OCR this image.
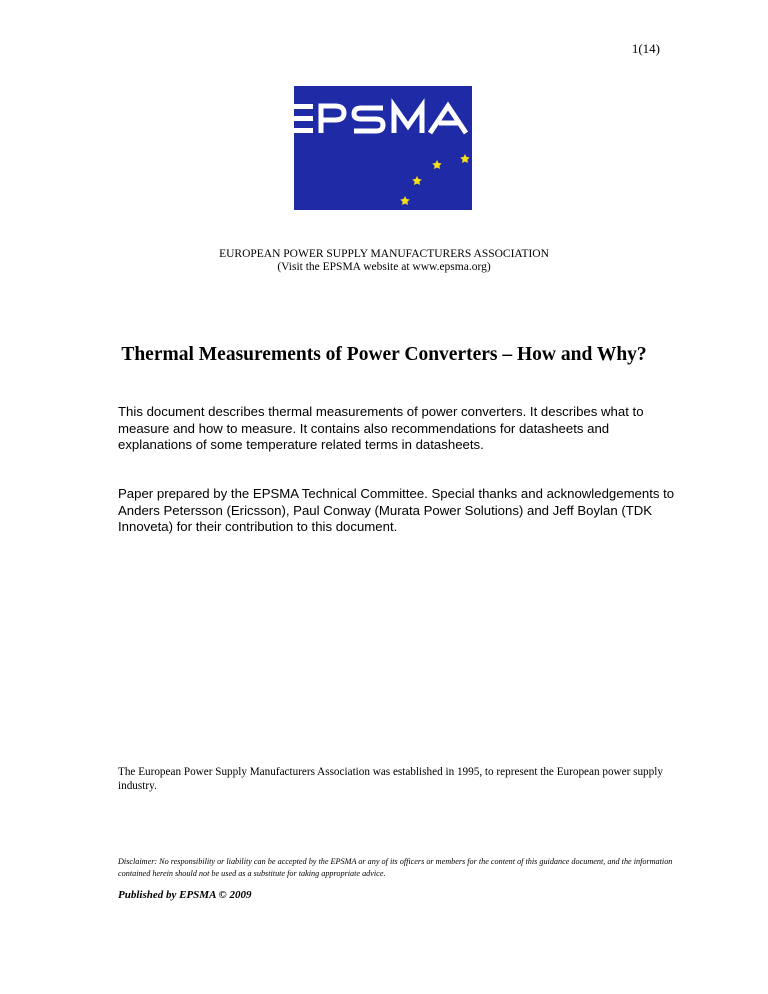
1(14)
EUROPEAN POWER SUPPLY MANUFACTURERS ASSOCIATION
(Visit the EPSMA website at www.epsma.org)
Thermal Measurements of Power Converters – How and Why?

This document describes thermal measurements of power converters. It describes what to measure and how to measure. It contains also recommendations for datasheets and explanations of some temperature related terms in datasheets.

Paper prepared by the EPSMA Technical Committee. Special thanks and acknowledgements to Anders Petersson (Ericsson), Paul Conway (Murata Power Solutions) and Jeff Boylan (TDK Innoveta) for their contribution to this document.

The European Power Supply Manufacturers Association was established in 1995, to represent the European power supply industry.

Disclaimer: No responsibility or liability can be accepted by the EPSMA or any of its officers or members for the content of this guidance document, and the information contained herein should not be used as a substitute for taking appropriate advice.

Published by EPSMA © 2009
